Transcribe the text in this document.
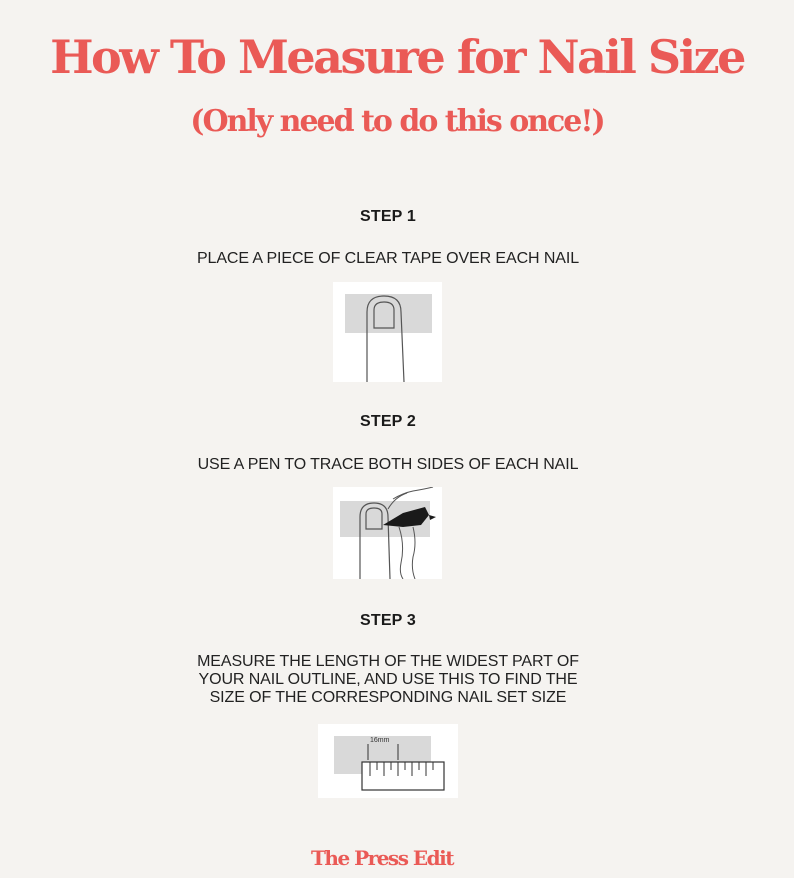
How To Measure for Nail Size
(Only need to do this once!)
STEP 1
PLACE A PIECE OF CLEAR TAPE OVER EACH NAIL
STEP 2
USE A PEN TO TRACE BOTH SIDES OF EACH NAIL
STEP 3
MEASURE THE LENGTH OF THE WIDEST PART OF
YOUR NAIL OUTLINE, AND USE THIS TO FIND THE
SIZE OF THE CORRESPONDING NAIL SET SIZE
16mm
The Press Edit
